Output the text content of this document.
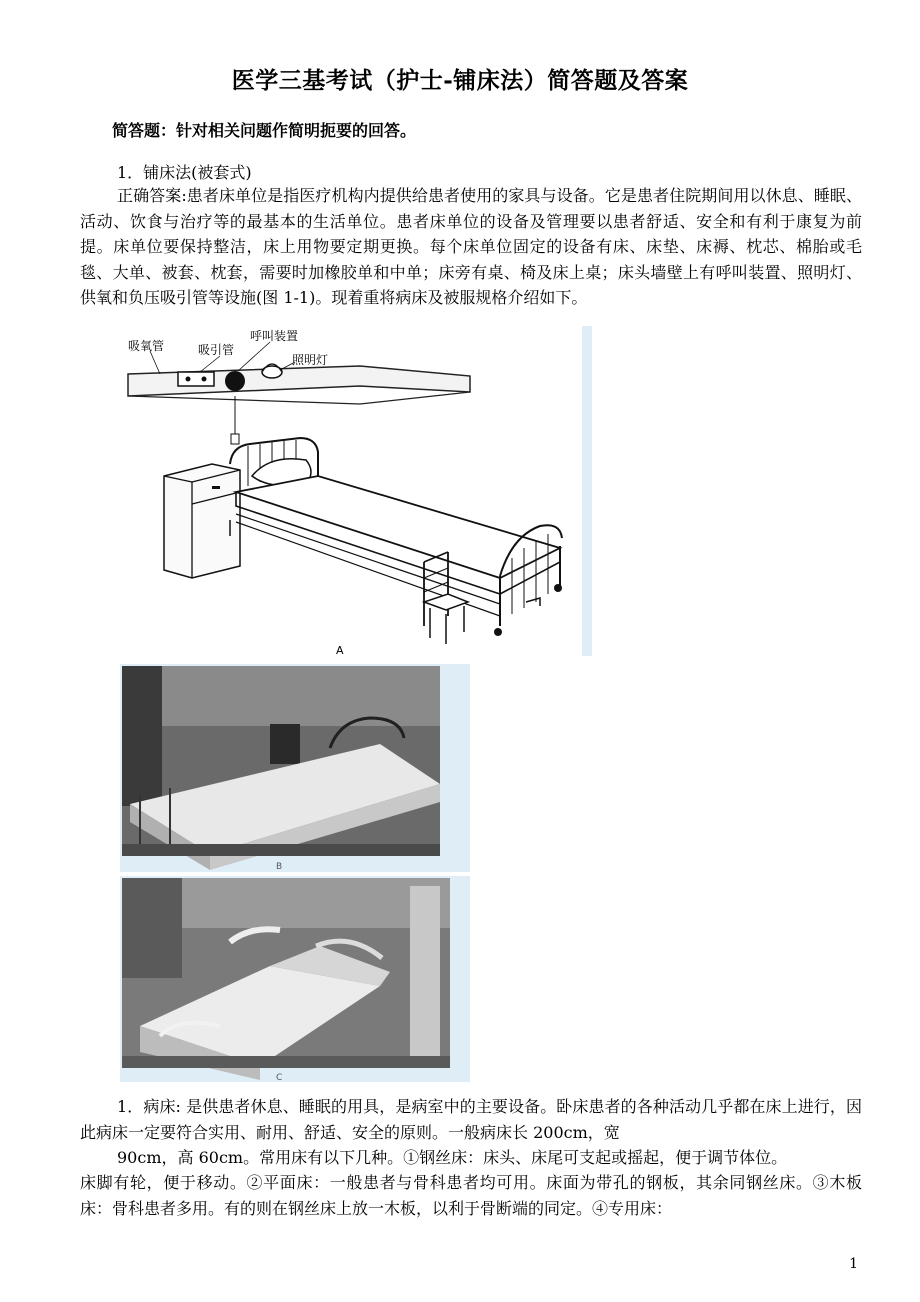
医学三基考试（护士-铺床法）简答题及答案
简答题：针对相关问题作简明扼要的回答。
1．铺床法(被套式)
正确答案:患者床单位是指医疗机构内提供给患者使用的家具与设备。它是患者住院期间用以休息、睡眠、活动、饮食与治疗等的最基本的生活单位。患者床单位的设备及管理要以患者舒适、安全和有利于康复为前提。床单位要保持整洁，床上用物要定期更换。每个床单位固定的设备有床、床垫、床褥、枕芯、棉胎或毛毯、大单、被套、枕套，需要时加橡胶单和中单；床旁有桌、椅及床上桌；床头墙壁上有呼叫装置、照明灯、供氧和负压吸引管等设施(图 1-1)。现着重将病床及被服规格介绍如下。
吸氧管	吸引管
呼叫装置
照明灯
A
B
C
1．病床: 是供患者休息、睡眠的用具，是病室中的主要设备。卧床患者的各种活动几乎都在床上进行，因此病床一定要符合实用、耐用、舒适、安全的原则。一般病床长 200cm，宽
90cm，高 60cm。常用床有以下几种。①钢丝床：床头、床尾可支起或摇起，便于调节体位。
床脚有轮，便于移动。②平面床：一般患者与骨科患者均可用。床面为带孔的钢板，其余同钢丝床。③木板床：骨科患者多用。有的则在钢丝床上放一木板，以利于骨断端的同定。④专用床：
1
